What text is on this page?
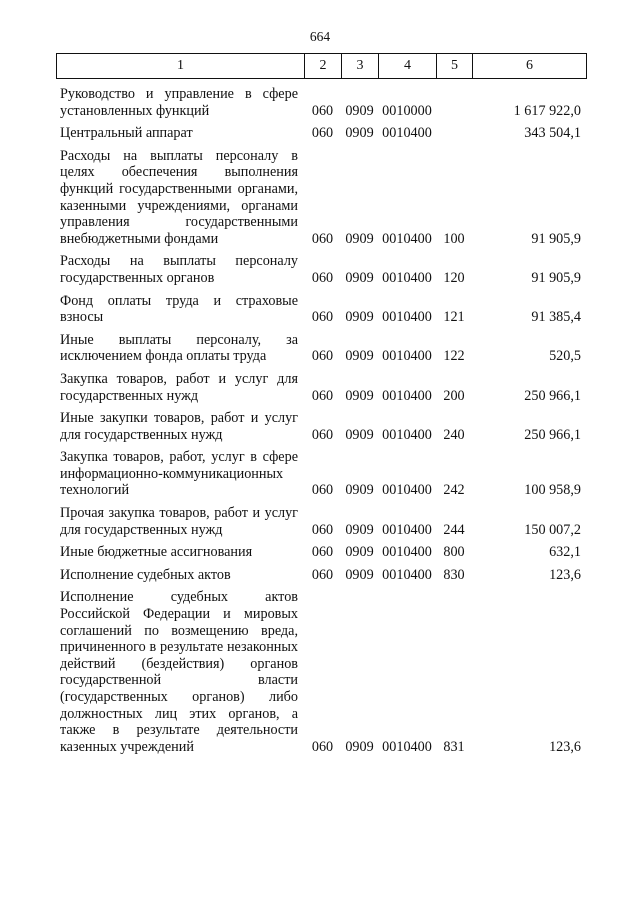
664
1	2	3	4	5	6
Руководство и управление в сфере установленных функций	060 0909 0010000	1 617 922,0
Центральный аппарат	060 0909 0010400	343 504,1
Расходы на выплаты персоналу в целях обеспечения выполнения функций государственными органами, казенными учреждениями, органами управления государственными внебюджетными фондами	060 0909 0010400 100	91 905,9
Расходы на выплаты персоналу государственных органов	060 0909 0010400 120	91 905,9
Фонд оплаты труда и страховые взносы	060 0909 0010400 121	91 385,4
Иные выплаты персоналу, за исключением фонда оплаты труда	060 0909 0010400 122	520,5
Закупка товаров, работ и услуг для государственных нужд	060 0909 0010400 200	250 966,1
Иные закупки товаров, работ и услуг для государственных нужд	060 0909 0010400 240	250 966,1
Закупка товаров, работ, услуг в сфере информационно-коммуникационных технологий	060 0909 0010400 242	100 958,9
Прочая закупка товаров, работ и услуг для государственных нужд	060 0909 0010400 244	150 007,2
Иные бюджетные ассигнования	060 0909 0010400 800	632,1
Исполнение судебных актов	060 0909 0010400 830	123,6
Исполнение судебных актов Российской Федерации и мировых соглашений по возмещению вреда, причиненного в результате незаконных действий (бездействия) органов государственной власти (государственных органов) либо должностных лиц этих органов, а также в результате деятельности казенных учреждений	060 0909 0010400 831	123,6
